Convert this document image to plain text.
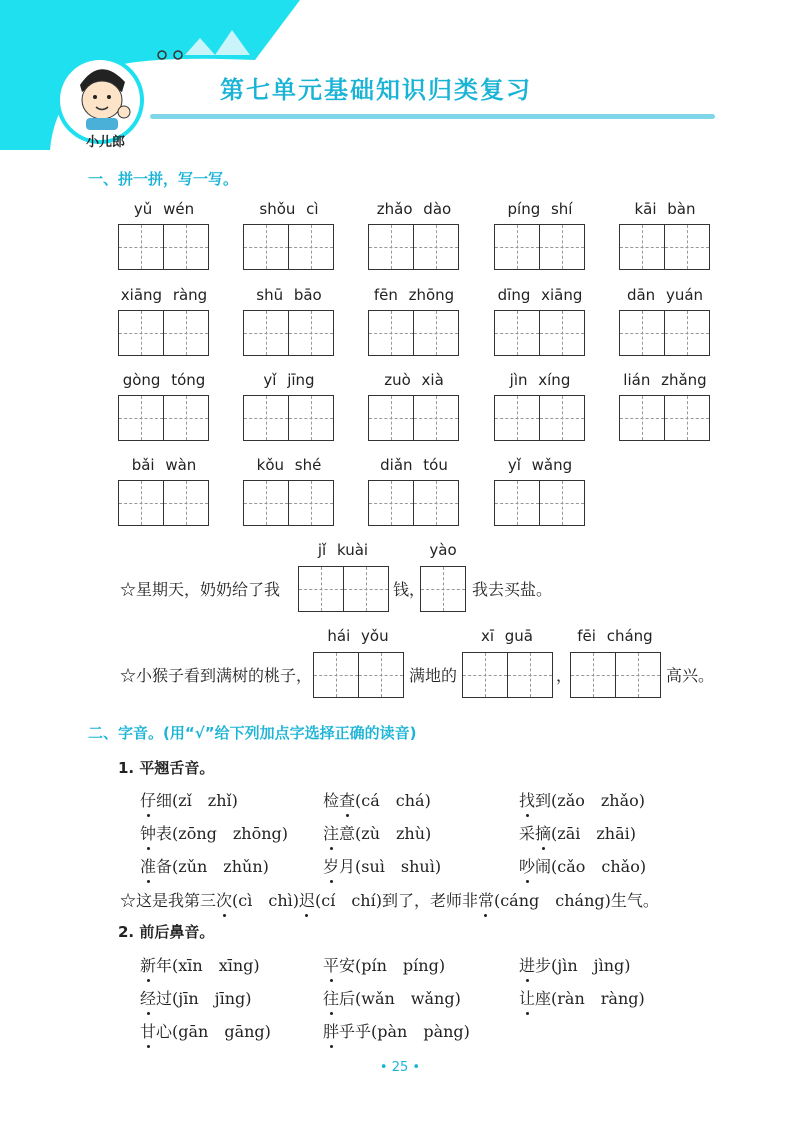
第七单元基础知识归类复习
小儿郎
一、拼一拼，写一写。
yǔ wén	shǒu cì	zhǎo dào	píng shí	kāi bàn
xiāng ràng	shū bāo	fēn zhōng	dīng xiāng	dān yuán
gòng tóng	yǐ jīng	zuò xià	jìn xíng	lián zhǎng
bǎi wàn	kǒu shé	diǎn tóu	yǐ wǎng
☆星期天，奶奶给了我
jǐ kuài
钱，
yào
我去买盐。
☆小猴子看到满树的桃子，
hái yǒu
满地的
xī guā
，
fēi cháng
高兴。
二、字音。(用“√”给下列加点字选择正确的读音)
1. 平翘舌音。
仔细(zǐ　zhǐ)	检查(cá　chá)	找到(zǎo　zhǎo)
钟表(zōng　zhōng) 注意(zù　zhù)	采摘(zāi　zhāi)
准备(zǔn　zhǔn)	岁月(suì　shuì)	吵闹(cǎo　chǎo)
☆这是我第三次(cì　chì)迟(cí　chí)到了，老师非常(cáng　cháng)生气。
2. 前后鼻音。
新年(xīn　xīng)	平安(pín　píng)	进步(jìn　jìng)
经过(jīn　jīng)	往后(wǎn　wǎng)	让座(ràn　ràng)
甘心(gān　gāng)	胖乎乎(pàn　pàng)
• 25 •
